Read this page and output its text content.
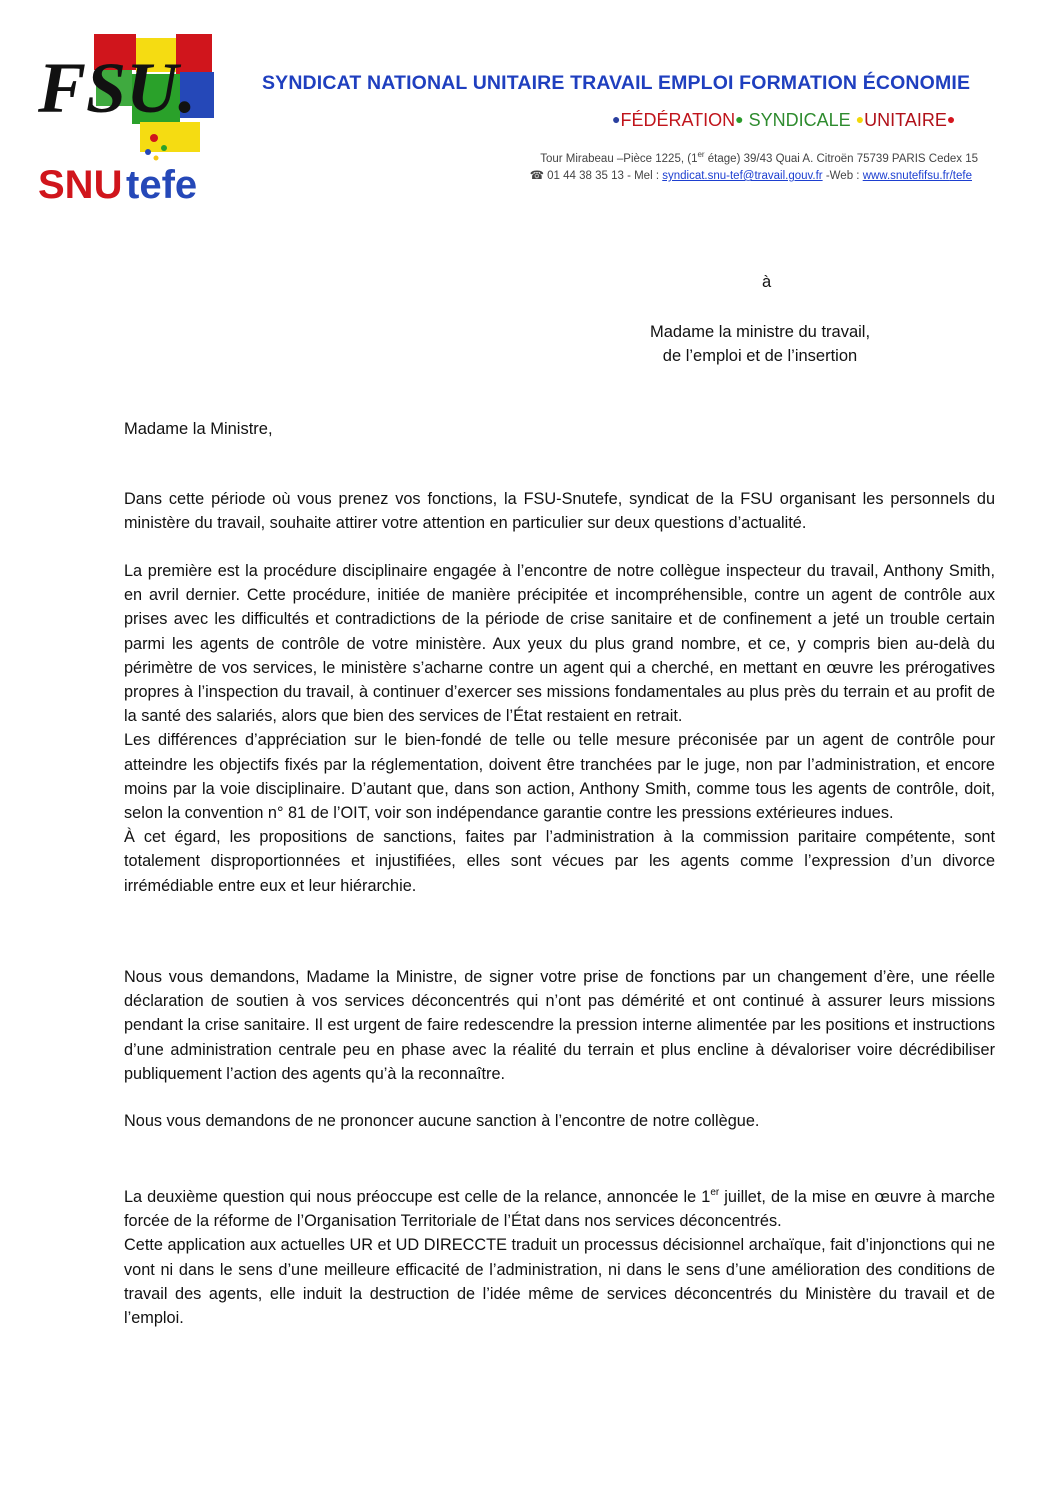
FSU.
SNU tefe
SYNDICAT NATIONAL UNITAIRE TRAVAIL EMPLOI FORMATION ÉCONOMIE
●FÉDÉRATION● SYNDICALE ●UNITAIRE●
Tour Mirabeau –Pièce 1225, (1er étage) 39/43 Quai A. Citroën 75739 PARIS Cedex 15
☎ 01 44 38 35 13 - Mel : syndicat.snu-tef@travail.gouv.fr -Web : www.snutefifsu.fr/tefe
à
Madame la ministre du travail,
de l’emploi et de l’insertion
Madame la Ministre,

Dans cette période où vous prenez vos fonctions, la FSU-Snutefe, syndicat de la FSU organisant les personnels du ministère du travail, souhaite attirer votre attention en particulier sur deux questions d’actualité.

La première est la procédure disciplinaire engagée à l’encontre de notre collègue inspecteur du travail, Anthony Smith, en avril dernier. Cette procédure, initiée de manière précipitée et incompréhensible, contre un agent de contrôle aux prises avec les difficultés et contradictions de la période de crise sanitaire et de confinement a jeté un trouble certain parmi les agents de contrôle de votre ministère. Aux yeux du plus grand nombre, et ce, y compris bien au-delà du périmètre de vos services, le ministère s’acharne contre un agent qui a cherché, en mettant en œuvre les prérogatives propres à l’inspection du travail, à continuer d’exercer ses missions fondamentales au plus près du terrain et au profit de la santé des salariés, alors que bien des services de l’État restaient en retrait.

Les différences d’appréciation sur le bien-fondé de telle ou telle mesure préconisée par un agent de contrôle pour atteindre les objectifs fixés par la réglementation, doivent être tranchées par le juge, non par l’administration, et encore moins par la voie disciplinaire. D’autant que, dans son action, Anthony Smith, comme tous les agents de contrôle, doit, selon la convention n° 81 de l’OIT, voir son indépendance garantie contre les pressions extérieures indues.

À cet égard, les propositions de sanctions, faites par l’administration à la commission paritaire compétente, sont totalement disproportionnées et injustifiées, elles sont vécues par les agents comme l’expression d’un divorce irrémédiable entre eux et leur hiérarchie.

Nous vous demandons, Madame la Ministre, de signer votre prise de fonctions par un changement d’ère, une réelle déclaration de soutien à vos services déconcentrés qui n’ont pas démérité et ont continué à assurer leurs missions pendant la crise sanitaire. Il est urgent de faire redescendre la pression interne alimentée par les positions et instructions d’une administration centrale peu en phase avec la réalité du terrain et plus encline à dévaloriser voire décrédibiliser publiquement l’action des agents qu’à la reconnaître.

Nous vous demandons de ne prononcer aucune sanction à l’encontre de notre collègue.

La deuxième question qui nous préoccupe est celle de la relance, annoncée le 1er juillet, de la mise en œuvre à marche forcée de la réforme de l’Organisation Territoriale de l’État dans nos services déconcentrés.

Cette application aux actuelles UR et UD DIRECCTE traduit un processus décisionnel archaïque, fait d’injonctions qui ne vont ni dans le sens d’une meilleure efficacité de l’administration, ni dans le sens d’une amélioration des conditions de travail des agents, elle induit la destruction de l’idée même de services déconcentrés du Ministère du travail et de l’emploi.
